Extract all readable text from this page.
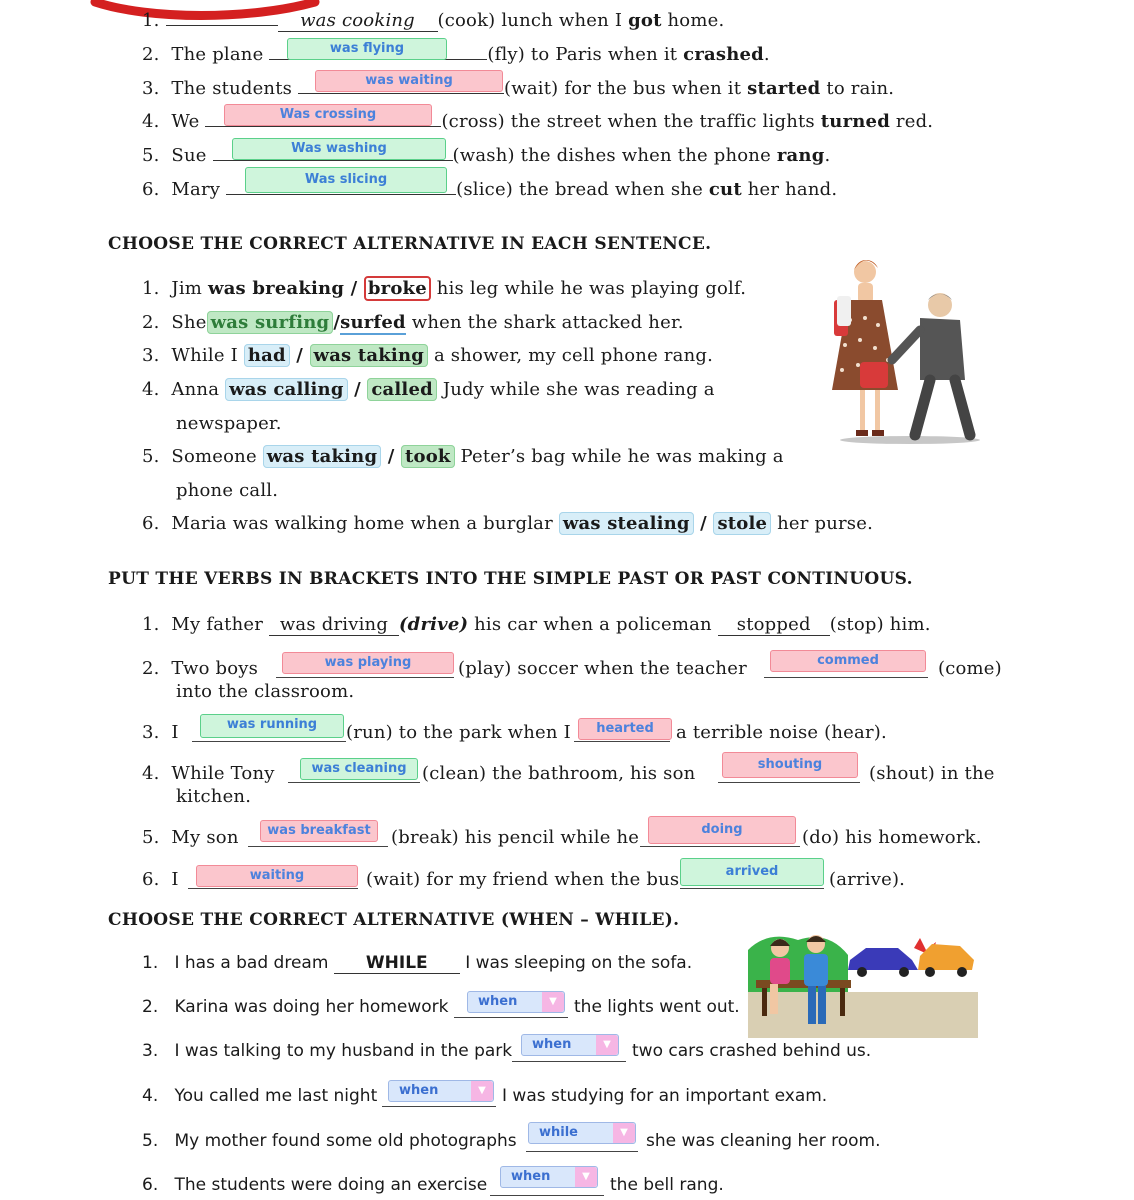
1.	was cooking (cook) lunch when I got home.
2. The plane	(fly) to Paris when it crashed.
was flying
3. The students	(wait) for the bus when it started to rain.
was waiting
4. We	(cross) the street when the traffic lights turned red.
Was crossing
5. Sue	(wash) the dishes when the phone rang.
Was washing
6. Mary	(slice) the bread when she cut her hand.
Was slicing
CHOOSE THE CORRECT ALTERNATIVE IN EACH SENTENCE.
1. Jim was breaking / broke his leg while he was playing golf.
2.  She was surfing /surfed when the shark attacked her.
3. While I had / was taking a shower, my cell phone rang.
4. Anna was calling / called Judy while she was reading a
newspaper.
5. Someone was taking / took Peter’s bag while he was making a
phone call.
6. Maria was walking home when a burglar was stealing / stole her purse.
PUT THE VERBS IN BRACKETS INTO THE SIMPLE PAST OR PAST CONTINUOUS.
1. My father was driving (drive) his car when a policeman stopped (stop) him.
2. Two boys	was playing	(play) soccer when the teacher	commed	(come)
into the classroom.
3. I	was running	(run) to the park when I	hearted	a terrible noise (hear).
4. While Tony	was cleaning (clean) the bathroom, his son	shouting	(shout) in the
kitchen.
5. My son	was breakfast	(break) his pencil while he	doing	(do) his homework.
6. I	waiting	(wait) for my friend when the bus	arrived	(arrive).
CHOOSE THE CORRECT ALTERNATIVE (WHEN – WHILE).
1. I has a bad dream WHILE I was sleeping on the sofa.
2. Karina was doing her homework when	▼	the lights went out.
3. I was talking to my husband in the park when	▼	two cars crashed behind us.
4. You called me last night when	▼ I was studying for an important exam.
5. My mother found some old photographs while	▼	she was cleaning her room.
6. The students were doing an exercise when	▼	the bell rang.
